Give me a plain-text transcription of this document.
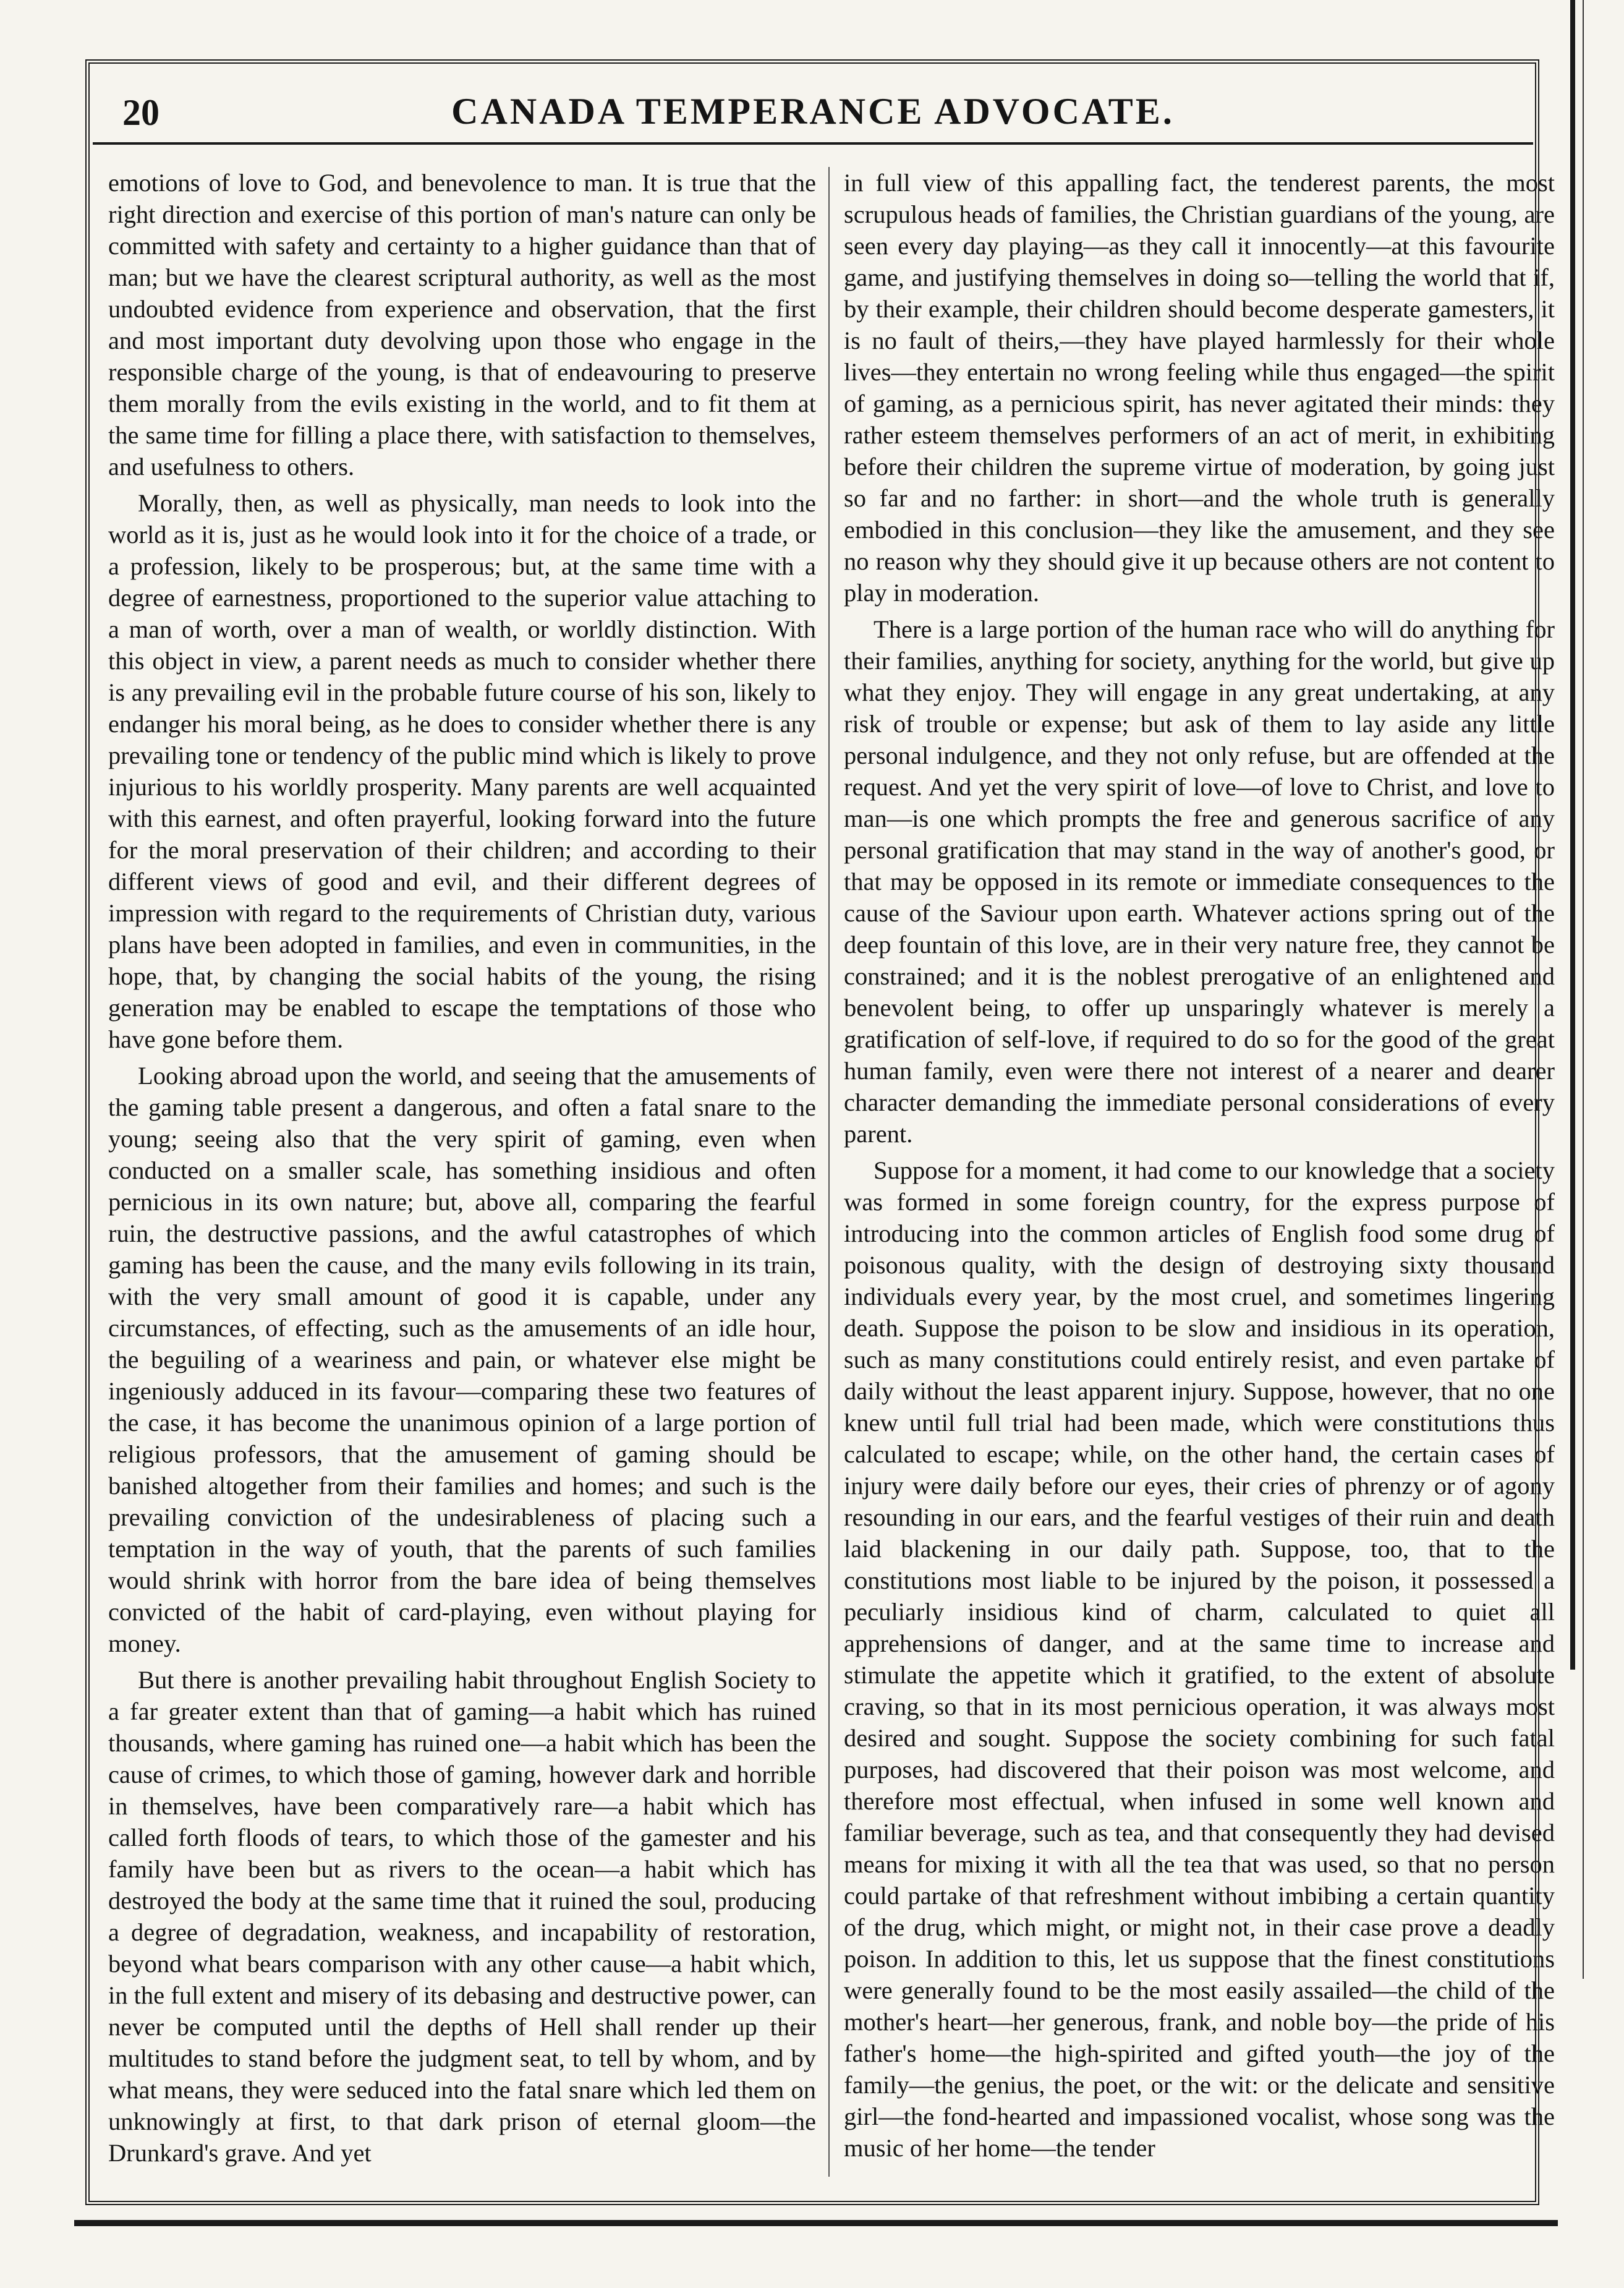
20	CANADA TEMPERANCE ADVOCATE.

emotions of love to God, and benevolence to man. It is true that the right direction and exercise of this portion of man's nature can only be committed with safety and certainty to a higher guidance than that of man; but we have the clearest scriptural authority, as well as the most undoubted evidence from experience and observation, that the first and most important duty devolving upon those who engage in the responsible charge of the young, is that of endeavouring to preserve them morally from the evils existing in the world, and to fit them at the same time for filling a place there, with satisfaction to themselves, and usefulness to others.

Morally, then, as well as physically, man needs to look into the world as it is, just as he would look into it for the choice of a trade, or a profession, likely to be prosperous; but, at the same time with a degree of earnestness, proportioned to the superior value attaching to a man of worth, over a man of wealth, or worldly distinction. With this object in view, a parent needs as much to consider whether there is any prevailing evil in the probable future course of his son, likely to endanger his moral being, as he does to consider whether there is any prevailing tone or tendency of the public mind which is likely to prove injurious to his worldly prosperity. Many parents are well acquainted with this earnest, and often prayerful, looking forward into the future for the moral preservation of their children; and according to their different views of good and evil, and their different degrees of impression with regard to the requirements of Christian duty, various plans have been adopted in families, and even in communities, in the hope, that, by changing the social habits of the young, the rising generation may be enabled to escape the temptations of those who have gone before them.

Looking abroad upon the world, and seeing that the amusements of the gaming table present a dangerous, and often a fatal snare to the young; seeing also that the very spirit of gaming, even when conducted on a smaller scale, has something insidious and often pernicious in its own nature; but, above all, comparing the fearful ruin, the destructive passions, and the awful catastrophes of which gaming has been the cause, and the many evils following in its train, with the very small amount of good it is capable, under any circumstances, of effecting, such as the amusements of an idle hour, the beguiling of a weariness and pain, or whatever else might be ingeniously adduced in its favour—comparing these two features of the case, it has become the unanimous opinion of a large portion of religious professors, that the amusement of gaming should be banished altogether from their families and homes; and such is the prevailing conviction of the undesirableness of placing such a temptation in the way of youth, that the parents of such families would shrink with horror from the bare idea of being themselves convicted of the habit of card-playing, even without playing for money.

But there is another prevailing habit throughout English Society to a far greater extent than that of gaming—a habit which has ruined thousands, where gaming has ruined one—a habit which has been the cause of crimes, to which those of gaming, however dark and horrible in themselves, have been comparatively rare—a habit which has called forth floods of tears, to which those of the gamester and his family have been but as rivers to the ocean—a habit which has destroyed the body at the same time that it ruined the soul, producing a degree of degradation, weakness, and incapability of restoration, beyond what bears comparison with any other cause—a habit which, in the full extent and misery of its debasing and destructive power, can never be computed until the depths of Hell shall render up their multitudes to stand before the judgment seat, to tell by whom, and by what means, they were seduced into the fatal snare which led them on unknowingly at first, to that dark prison of eternal gloom—the Drunkard's grave. And yet

in full view of this appalling fact, the tenderest parents, the most scrupulous heads of families, the Christian guardians of the young, are seen every day playing—as they call it innocently—at this favourite game, and justifying themselves in doing so—telling the world that if, by their example, their children should become desperate gamesters, it is no fault of theirs,—they have played harmlessly for their whole lives—they entertain no wrong feeling while thus engaged—the spirit of gaming, as a pernicious spirit, has never agitated their minds: they rather esteem themselves performers of an act of merit, in exhibiting before their children the supreme virtue of moderation, by going just so far and no farther: in short—and the whole truth is generally embodied in this conclusion—they like the amusement, and they see no reason why they should give it up because others are not content to play in moderation.

There is a large portion of the human race who will do anything for their families, anything for society, anything for the world, but give up what they enjoy. They will engage in any great undertaking, at any risk of trouble or expense; but ask of them to lay aside any little personal indulgence, and they not only refuse, but are offended at the request. And yet the very spirit of love—of love to Christ, and love to man—is one which prompts the free and generous sacrifice of any personal gratification that may stand in the way of another's good, or that may be opposed in its remote or immediate consequences to the cause of the Saviour upon earth. Whatever actions spring out of the deep fountain of this love, are in their very nature free, they cannot be constrained; and it is the noblest prerogative of an enlightened and benevolent being, to offer up unsparingly whatever is merely a gratification of self-love, if required to do so for the good of the great human family, even were there not interest of a nearer and dearer character demanding the immediate personal considerations of every parent.

Suppose for a moment, it had come to our knowledge that a society was formed in some foreign country, for the express purpose of introducing into the common articles of English food some drug of poisonous quality, with the design of destroying sixty thousand individuals every year, by the most cruel, and sometimes lingering death. Suppose the poison to be slow and insidious in its operation, such as many constitutions could entirely resist, and even partake of daily without the least apparent injury. Suppose, however, that no one knew until full trial had been made, which were constitutions thus calculated to escape; while, on the other hand, the certain cases of injury were daily before our eyes, their cries of phrenzy or of agony resounding in our ears, and the fearful vestiges of their ruin and death laid blackening in our daily path. Suppose, too, that to the constitutions most liable to be injured by the poison, it possessed a peculiarly insidious kind of charm, calculated to quiet all apprehensions of danger, and at the same time to increase and stimulate the appetite which it gratified, to the extent of absolute craving, so that in its most pernicious operation, it was always most desired and sought. Suppose the society combining for such fatal purposes, had discovered that their poison was most welcome, and therefore most effectual, when infused in some well known and familiar beverage, such as tea, and that consequently they had devised means for mixing it with all the tea that was used, so that no person could partake of that refreshment without imbibing a certain quantity of the drug, which might, or might not, in their case prove a deadly poison. In addition to this, let us suppose that the finest constitutions were generally found to be the most easily assailed—the child of the mother's heart—her generous, frank, and noble boy—the pride of his father's home—the high-spirited and gifted youth—the joy of the family—the genius, the poet, or the wit: or the delicate and sensitive girl—the fond-hearted and impassioned vocalist, whose song was the music of her home—the tender
